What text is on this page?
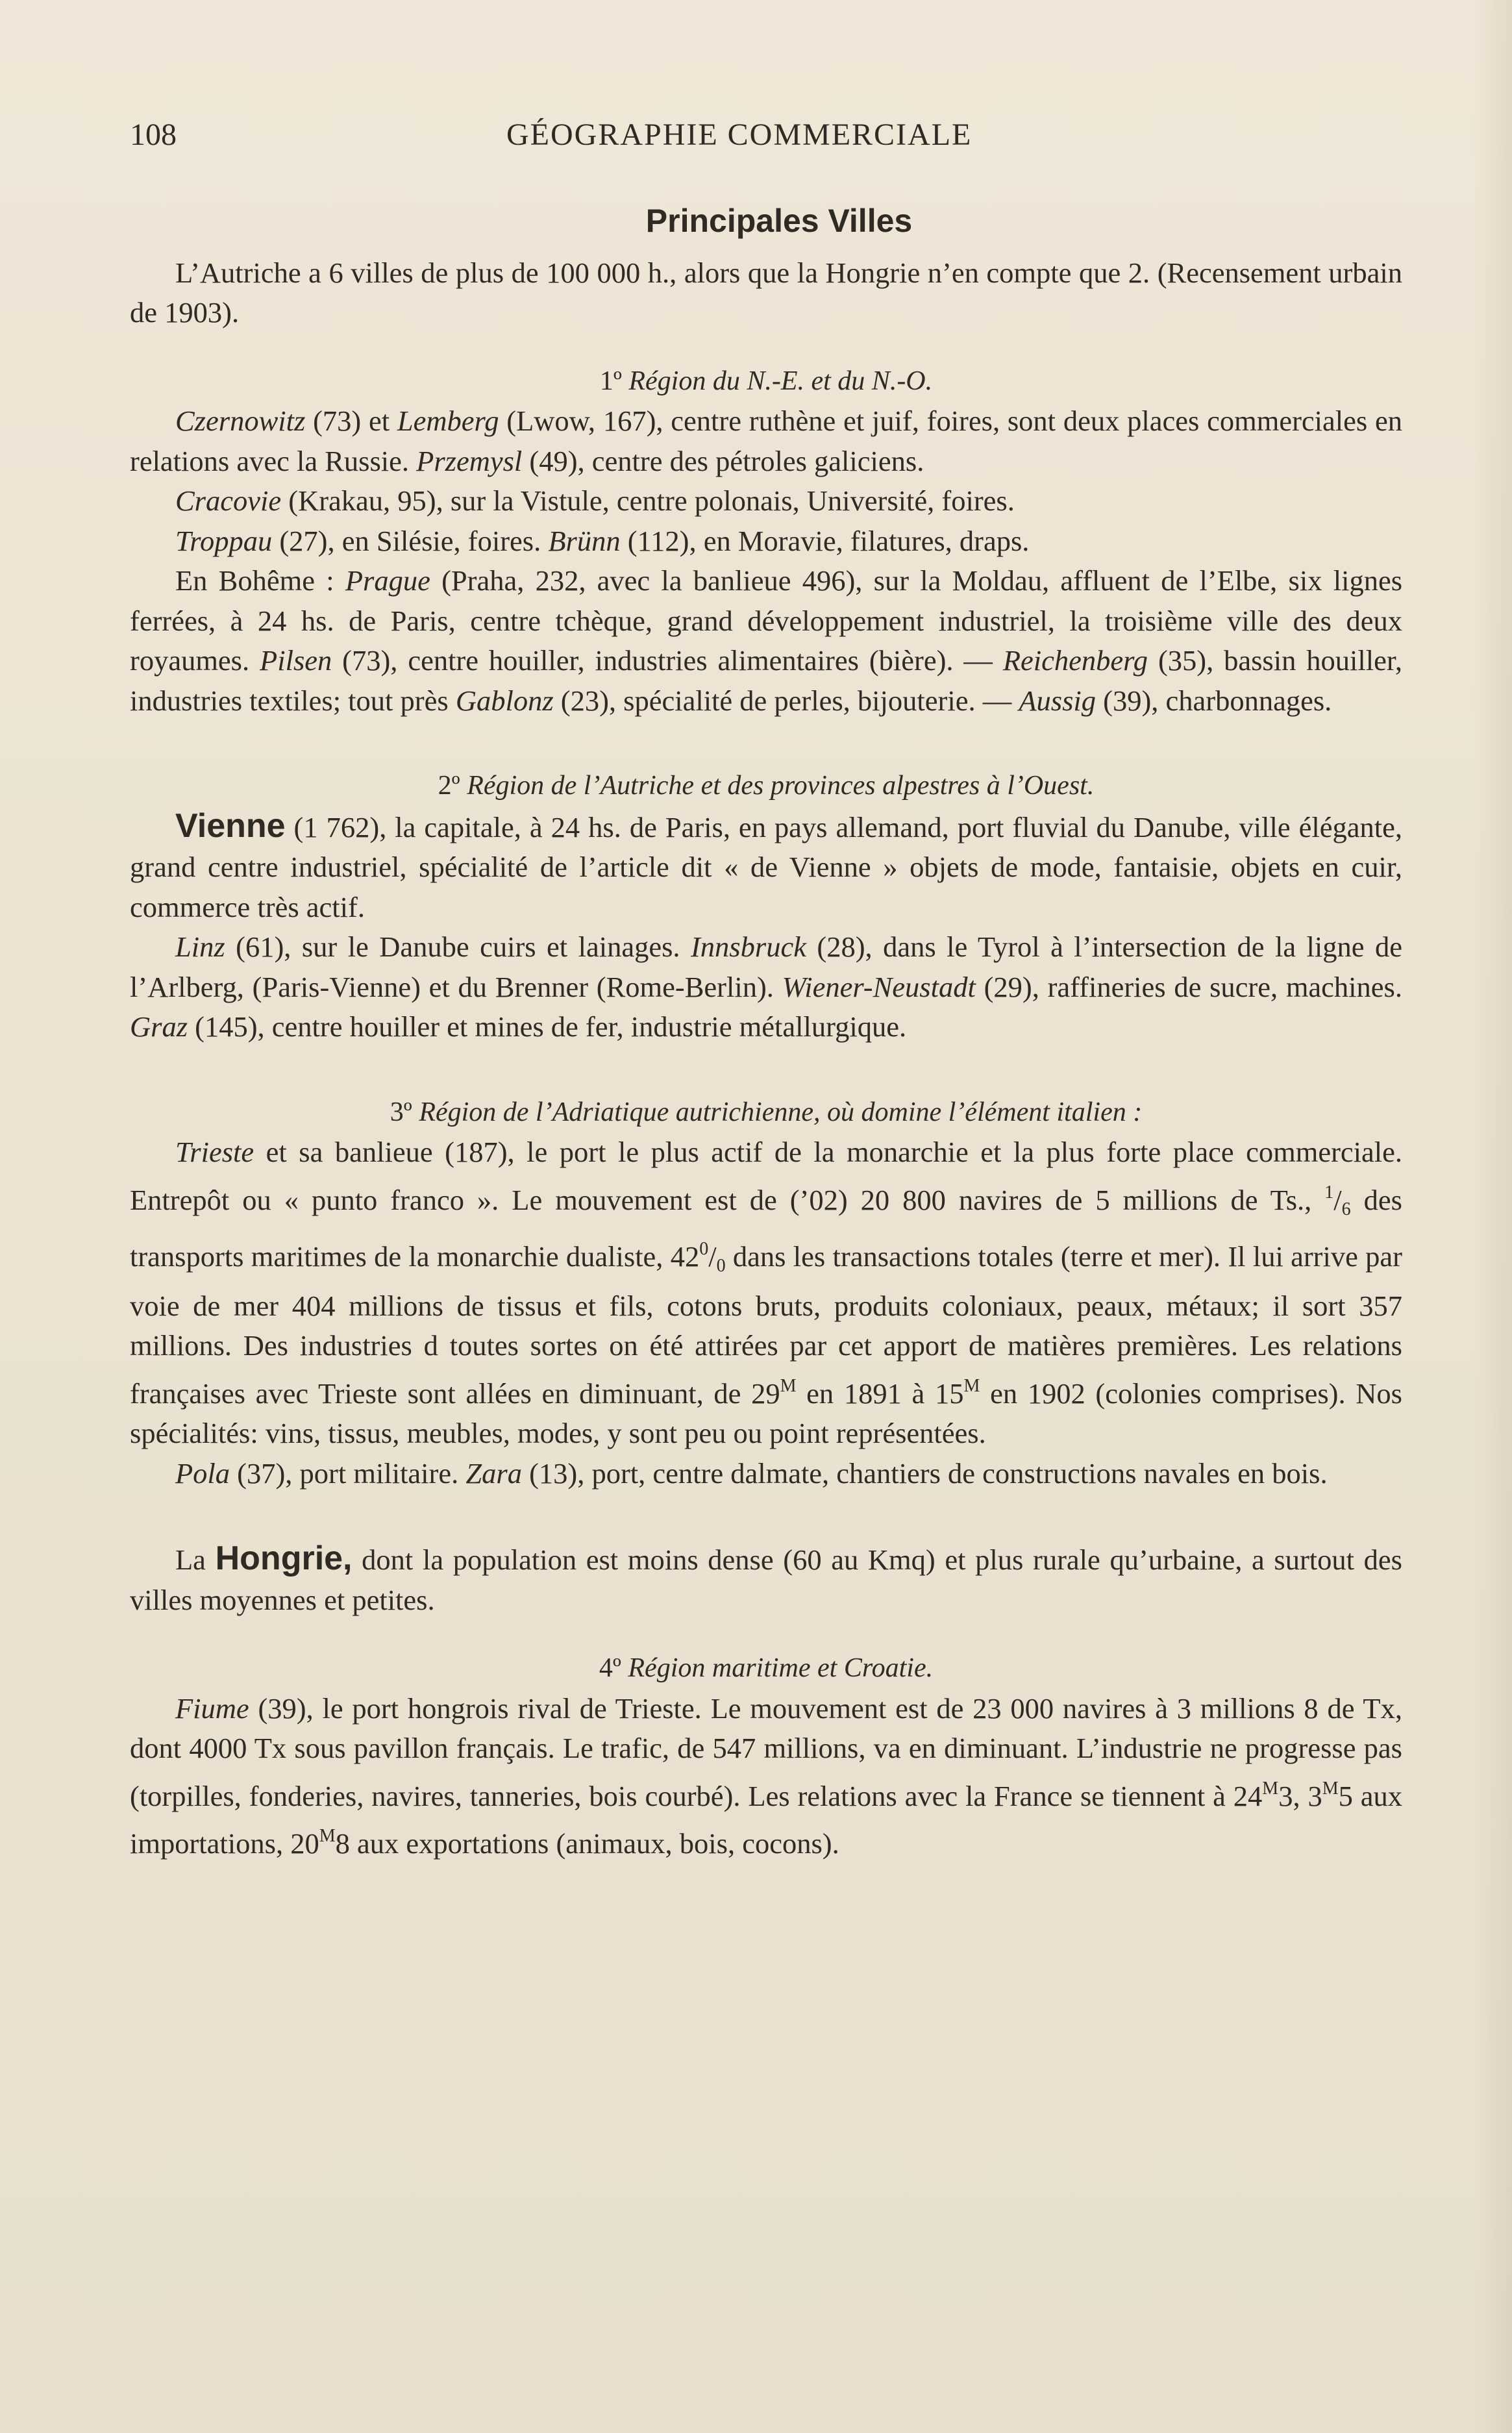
108	GÉOGRAPHIE COMMERCIALE
Principales Villes

L’Autriche a 6 villes de plus de 100 000 h., alors que la Hongrie n’en compte que 2. (Recensement urbain de 1903).

1º Région du N.-E. et du N.-O.

Czernowitz (73) et Lemberg (Lwow, 167), centre ruthène et juif, foires, sont deux places commerciales en relations avec la Russie. Przemysl (49), centre des pétroles galiciens.

Cracovie (Krakau, 95), sur la Vistule, centre polonais, Université, foires.

Troppau (27), en Silésie, foires. Brünn (112), en Moravie, filatures, draps.

En Bohême : Prague (Praha, 232, avec la banlieue 496), sur la Moldau, affluent de l’Elbe, six lignes ferrées, à 24 hs. de Paris, centre tchèque, grand développement industriel, la troisième ville des deux royaumes. Pilsen (73), centre houiller, industries alimentaires (bière). — Reichenberg (35), bassin houiller, industries textiles; tout près Gablonz (23), spécialité de perles, bijouterie. — Aussig (39), charbonnages.

2º Région de l’Autriche et des provinces alpestres à l’Ouest.

Vienne (1 762), la capitale, à 24 hs. de Paris, en pays allemand, port fluvial du Danube, ville élégante, grand centre industriel, spécialité de l’article dit « de Vienne » objets de mode, fantaisie, objets en cuir, commerce très actif.

Linz (61), sur le Danube cuirs et lainages. Innsbruck (28), dans le Tyrol à l’intersection de la ligne de l’Arlberg, (Paris-Vienne) et du Brenner (Rome-Berlin). Wiener-Neustadt (29), raffineries de sucre, machines. Graz (145), centre houiller et mines de fer, industrie métallurgique.

3º Région de l’Adriatique autrichienne, où domine l’élément italien :

Trieste et sa banlieue (187), le port le plus actif de la monarchie et la plus forte place commerciale. Entrepôt ou « punto franco ». Le mouvement est de (’02) 20 800 navires de 5 millions de Ts., $^1/_6$ des transports maritimes de la monarchie dualiste, $42^0/_0$ dans les transactions totales (terre et mer). Il lui arrive par voie de mer 404 millions de tissus et fils, cotons bruts, produits coloniaux, peaux, métaux; il sort 357 millions. Des industries d toutes sortes on été attirées par cet apport de matières premières. Les relations françaises avec Trieste sont allées en diminuant, de $29^M$ en 1891 à $15^M$ en 1902 (colonies comprises). Nos spécialités: vins, tissus, meubles, modes, y sont peu ou point représentées.

Pola (37), port militaire. Zara (13), port, centre dalmate, chantiers de constructions navales en bois.

La Hongrie, dont la population est moins dense (60 au Kmq) et plus rurale qu’urbaine, a surtout des villes moyennes et petites.

4º Région maritime et Croatie.

Fiume (39), le port hongrois rival de Trieste. Le mouvement est de 23 000 navires à 3 millions 8 de Tx, dont 4000 Tx sous pavillon français. Le trafic, de 547 millions, va en diminuant. L’industrie ne progresse pas (torpilles, fonderies, navires, tanneries, bois courbé). Les relations avec la France se tiennent à $24^M3$, $3^M5$ aux importations, $20^M8$ aux exportations (animaux, bois, cocons).
